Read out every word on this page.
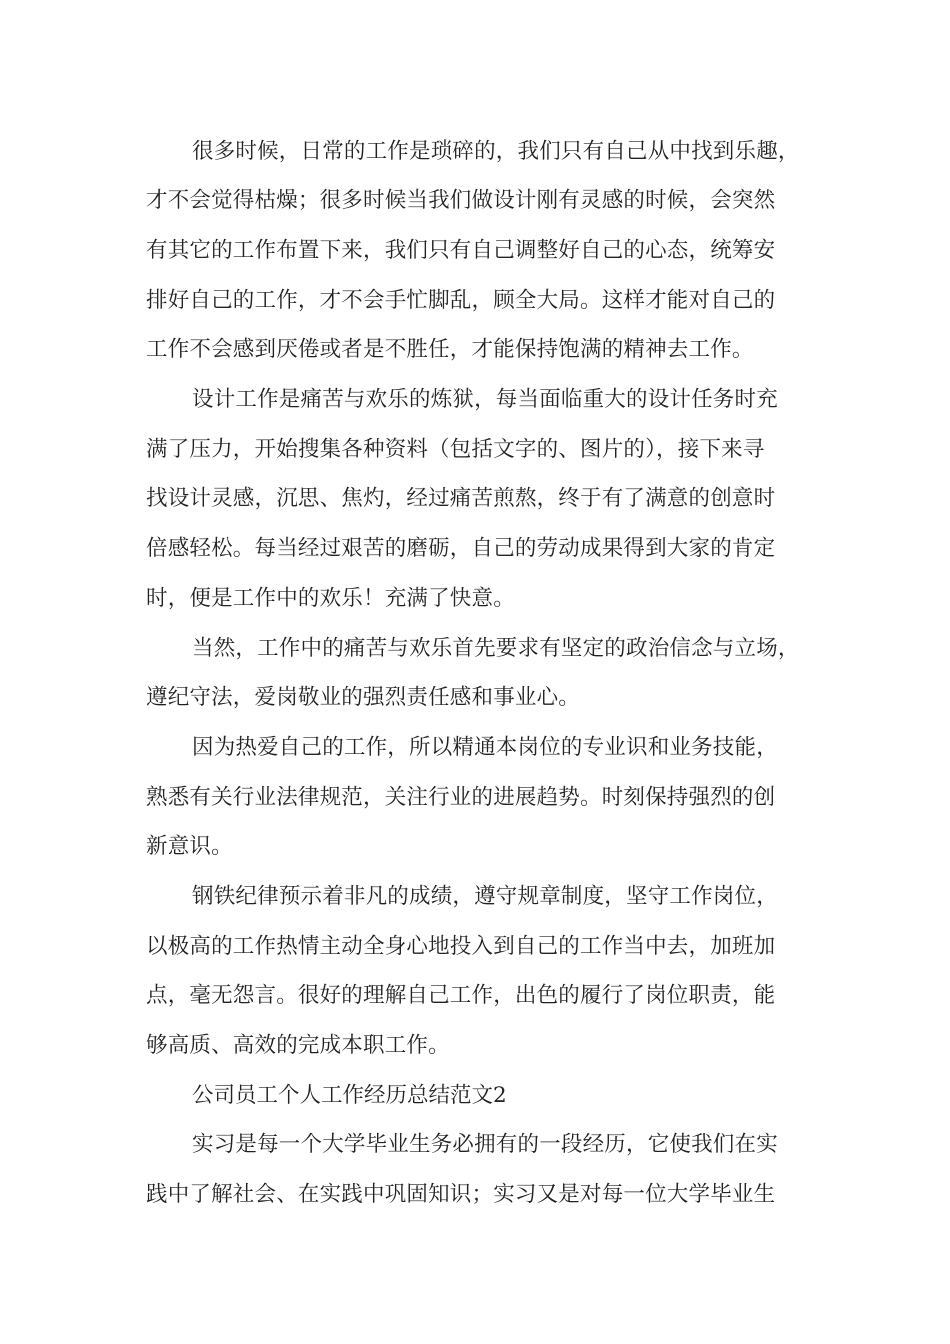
很多时候，日常的工作是琐碎的，我们只有自己从中找到乐趣，
才不会觉得枯燥；很多时候当我们做设计刚有灵感的时候，会突然
有其它的工作布置下来，我们只有自己调整好自己的心态，统筹安
排好自己的工作，才不会手忙脚乱，顾全大局。这样才能对自己的
工作不会感到厌倦或者是不胜任，才能保持饱满的精神去工作。
设计工作是痛苦与欢乐的炼狱，每当面临重大的设计任务时充
满了压力，开始搜集各种资料（包括文字的、图片的），接下来寻
找设计灵感，沉思、焦灼，经过痛苦煎熬，终于有了满意的创意时
倍感轻松。每当经过艰苦的磨砺，自己的劳动成果得到大家的肯定
时，便是工作中的欢乐！充满了快意。
当然，工作中的痛苦与欢乐首先要求有坚定的政治信念与立场，
遵纪守法，爱岗敬业的强烈责任感和事业心。
因为热爱自己的工作，所以精通本岗位的专业识和业务技能，
熟悉有关行业法律规范，关注行业的进展趋势。时刻保持强烈的创
新意识。
钢铁纪律预示着非凡的成绩，遵守规章制度，坚守工作岗位，
以极高的工作热情主动全身心地投入到自己的工作当中去，加班加
点，毫无怨言。很好的理解自己工作，出色的履行了岗位职责，能
够高质、高效的完成本职工作。
公司员工个人工作经历总结范文2
实习是每一个大学毕业生务必拥有的一段经历，它使我们在实
践中了解社会、在实践中巩固知识；实习又是对每一位大学毕业生
